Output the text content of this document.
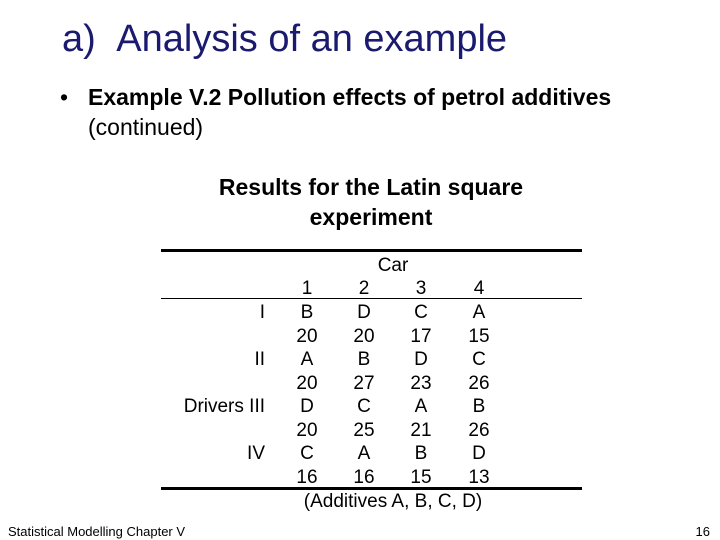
a) Analysis of an example
• Example V.2 Pollution effects of petrol additives (continued)
Results for the Latin square
experiment
Car
1 2 3 4
I B D C A
20 20 17 15
II A B D C
20 27 23 26
Drivers III D C A B
20 25 21 26
IV C A B D
16 16 15 13
(Additives A, B, C, D)
Statistical Modelling Chapter V	16
